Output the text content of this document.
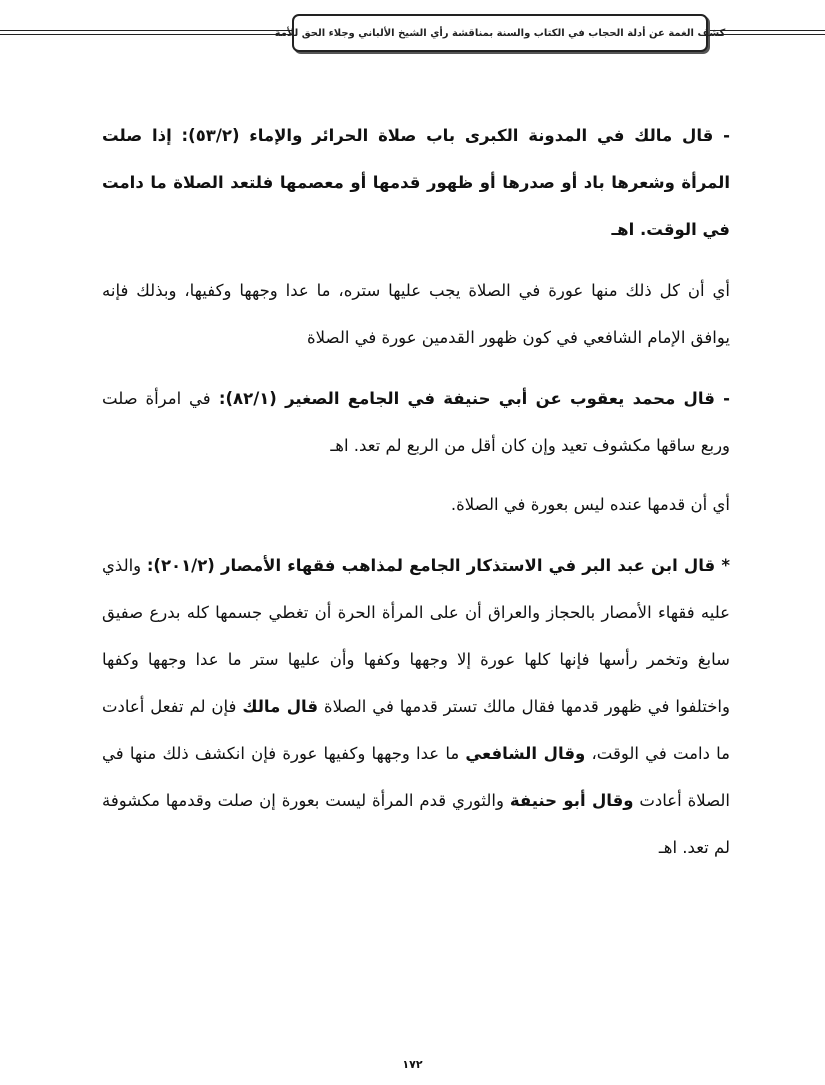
كشف الغمة عن أدلة الحجاب في الكتاب والسنة بمناقشة رأي الشيخ الألباني وجلاء الحق للأمة

- قال مالك في المدونة الكبرى باب صلاة الحرائر والإماء (٥٣/٢): إذا صلت المرأة وشعرها باد أو صدرها أو ظهور قدمها أو معصمها فلتعد الصلاة ما دامت في الوقت. اهـ

أي أن كل ذلك منها عورة في الصلاة يجب عليها ستره، ما عدا وجهها وكفيها، وبذلك فإنه يوافق الإمام الشافعي في كون ظهور القدمين عورة في الصلاة

- قال محمد يعقوب عن أبي حنيفة في الجامع الصغير (٨٢/١): في امرأة صلت وربع ساقها مكشوف تعيد وإن كان أقل من الربع لم تعد. اهـ

أي أن قدمها عنده ليس بعورة في الصلاة.

* قال ابن عبد البر في الاستذكار الجامع لمذاهب فقهاء الأمصار (٢٠١/٢): والذي عليه فقهاء الأمصار بالحجاز والعراق أن على المرأة الحرة أن تغطي جسمها كله بدرع صفيق سابغ وتخمر رأسها فإنها كلها عورة إلا وجهها وكفها وأن عليها ستر ما عدا وجهها وكفها واختلفوا في ظهور قدمها فقال مالك تستر قدمها في الصلاة قال مالك فإن لم تفعل أعادت ما دامت في الوقت، وقال الشافعي ما عدا وجهها وكفيها عورة فإن انكشف ذلك منها في الصلاة أعادت وقال أبو حنيفة والثوري قدم المرأة ليست بعورة إن صلت وقدمها مكشوفة لم تعد. اهـ

١٧٢
